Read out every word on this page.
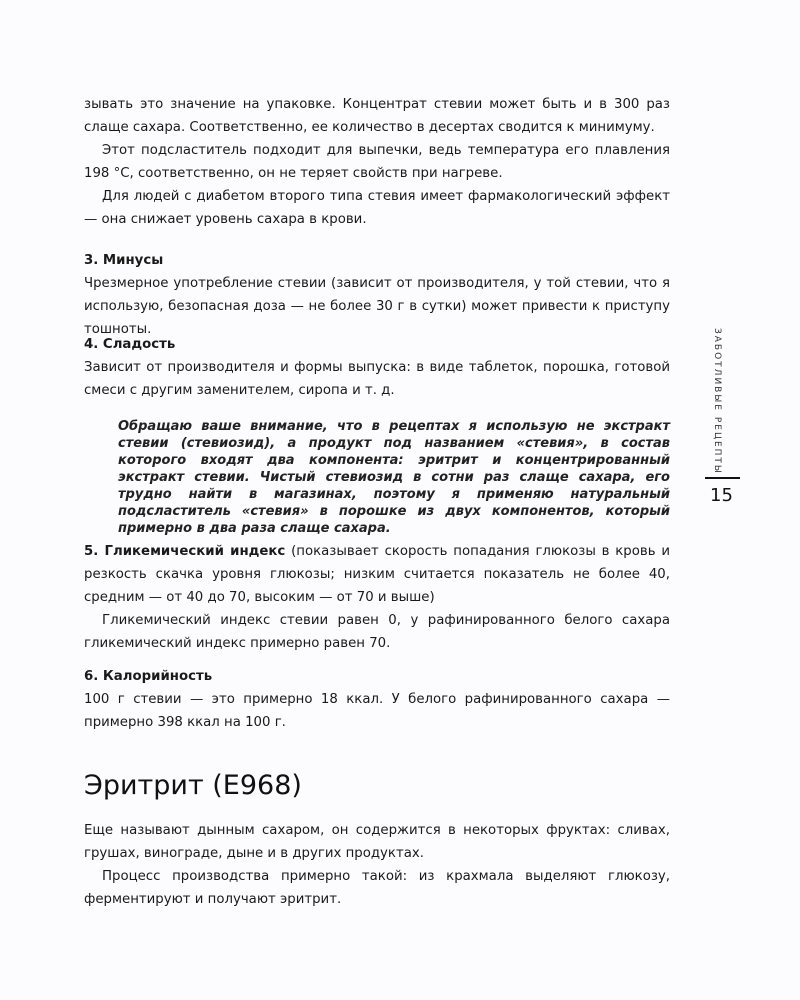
зывать это значение на упаковке. Концентрат стевии может быть и в 300 раз слаще сахара. Соответственно, ее количество в десертах сводится к минимуму.

Этот подсластитель подходит для выпечки, ведь температура его плавления 198 °C, соответственно, он не теряет свойств при нагреве.

Для людей с диабетом второго типа стевия имеет фармакологический эффект — она снижает уровень сахара в крови.

3. Минусы

Чрезмерное употребление стевии (зависит от производителя, у той стевии, что я использую, безопасная доза — не более 30 г в сутки) может привести к приступу тошноты.

4. Сладость

Зависит от производителя и формы выпуска: в виде таблеток, порошка, готовой смеси с другим заменителем, сиропа и т. д.

Обращаю ваше внимание, что в рецептах я использую не экстракт стевии (стевиозид), а продукт под названием «стевия», в состав которого входят два компонента: эритрит и концентрированный экстракт стевии. Чистый стевиозид в сотни раз слаще сахара, его трудно найти в магазинах, поэтому я применяю натуральный подсластитель «стевия» в порошке из двух компонентов, который примерно в два раза слаще сахара.

5. Гликемический индекс (показывает скорость попадания глюкозы в кровь и резкость скачка уровня глюкозы; низким считается показатель не более 40, средним — от 40 до 70, высоким — от 70 и выше)

Гликемический индекс стевии равен 0, у рафинированного белого сахара гликемический индекс примерно равен 70.

6. Калорийность

100 г стевии — это примерно 18 ккал. У белого рафинированного сахара — примерно 398 ккал на 100 г.

Эритрит (E968)

Еще называют дынным сахаром, он содержится в некоторых фруктах: сливах, грушах, винограде, дыне и в других продуктах.

Процесс производства примерно такой: из крахмала выделяют глюкозу, ферментируют и получают эритрит.

ЗАБОТЛИВЫЕ РЕЦЕПТЫ
15
